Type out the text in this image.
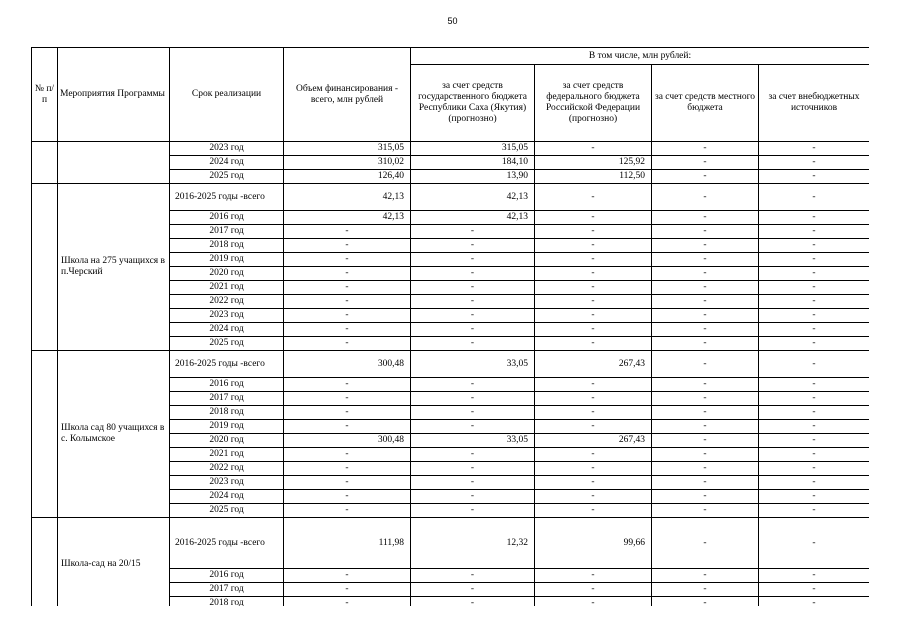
50
№ п/п	Мероприятия Программы	Срок реализации	Объем финансирования - всего, млн рублей	В том числе, млн рублей:			
				за счет средств государственного бюджета Республики Саха (Якутия) (прогнозно)	за счет средств федерального бюджета Российской Федерации (прогнозно)	за счет средств местного бюджета	за счет внебюджетных источников
		2023 год	315,05	315,05	-	-	-
		2024 год	310,02	184,10	125,92	-	-
		2025 год	126,40	13,90	112,50	-	-
	Школа на 275 учащихся в п.Черский	2016-2025 годы -всего	42,13	42,13	-	-	-
		2016 год	42,13	42,13	-	-	-
		2017 год	-	-	-	-	-
		2018 год	-	-	-	-	-
		2019 год	-	-	-	-	-
		2020 год	-	-	-	-	-
		2021 год	-	-	-	-	-
		2022 год	-	-	-	-	-
		2023 год	-	-	-	-	-
		2024 год	-	-	-	-	-
		2025 год	-	-	-	-	-
	Школа сад 80 учащихся в с. Колымское	2016-2025 годы -всего	300,48	33,05	267,43	-	-
		2016 год	-	-	-	-	-
		2017 год	-	-	-	-	-
		2018 год	-	-	-	-	-
		2019 год	-	-	-	-	-
		2020 год	300,48	33,05	267,43	-	-
		2021 год	-	-	-	-	-
		2022 год	-	-	-	-	-
		2023 год	-	-	-	-	-
		2024 год	-	-	-	-	-
		2025 год	-	-	-	-	-
	Школа-сад на 20/15	2016-2025 годы -всего	111,98	12,32	99,66	-	-
		2016 год	-	-	-	-	-
		2017 год	-	-	-	-	-
		2018 год	-	-	-	-	-
